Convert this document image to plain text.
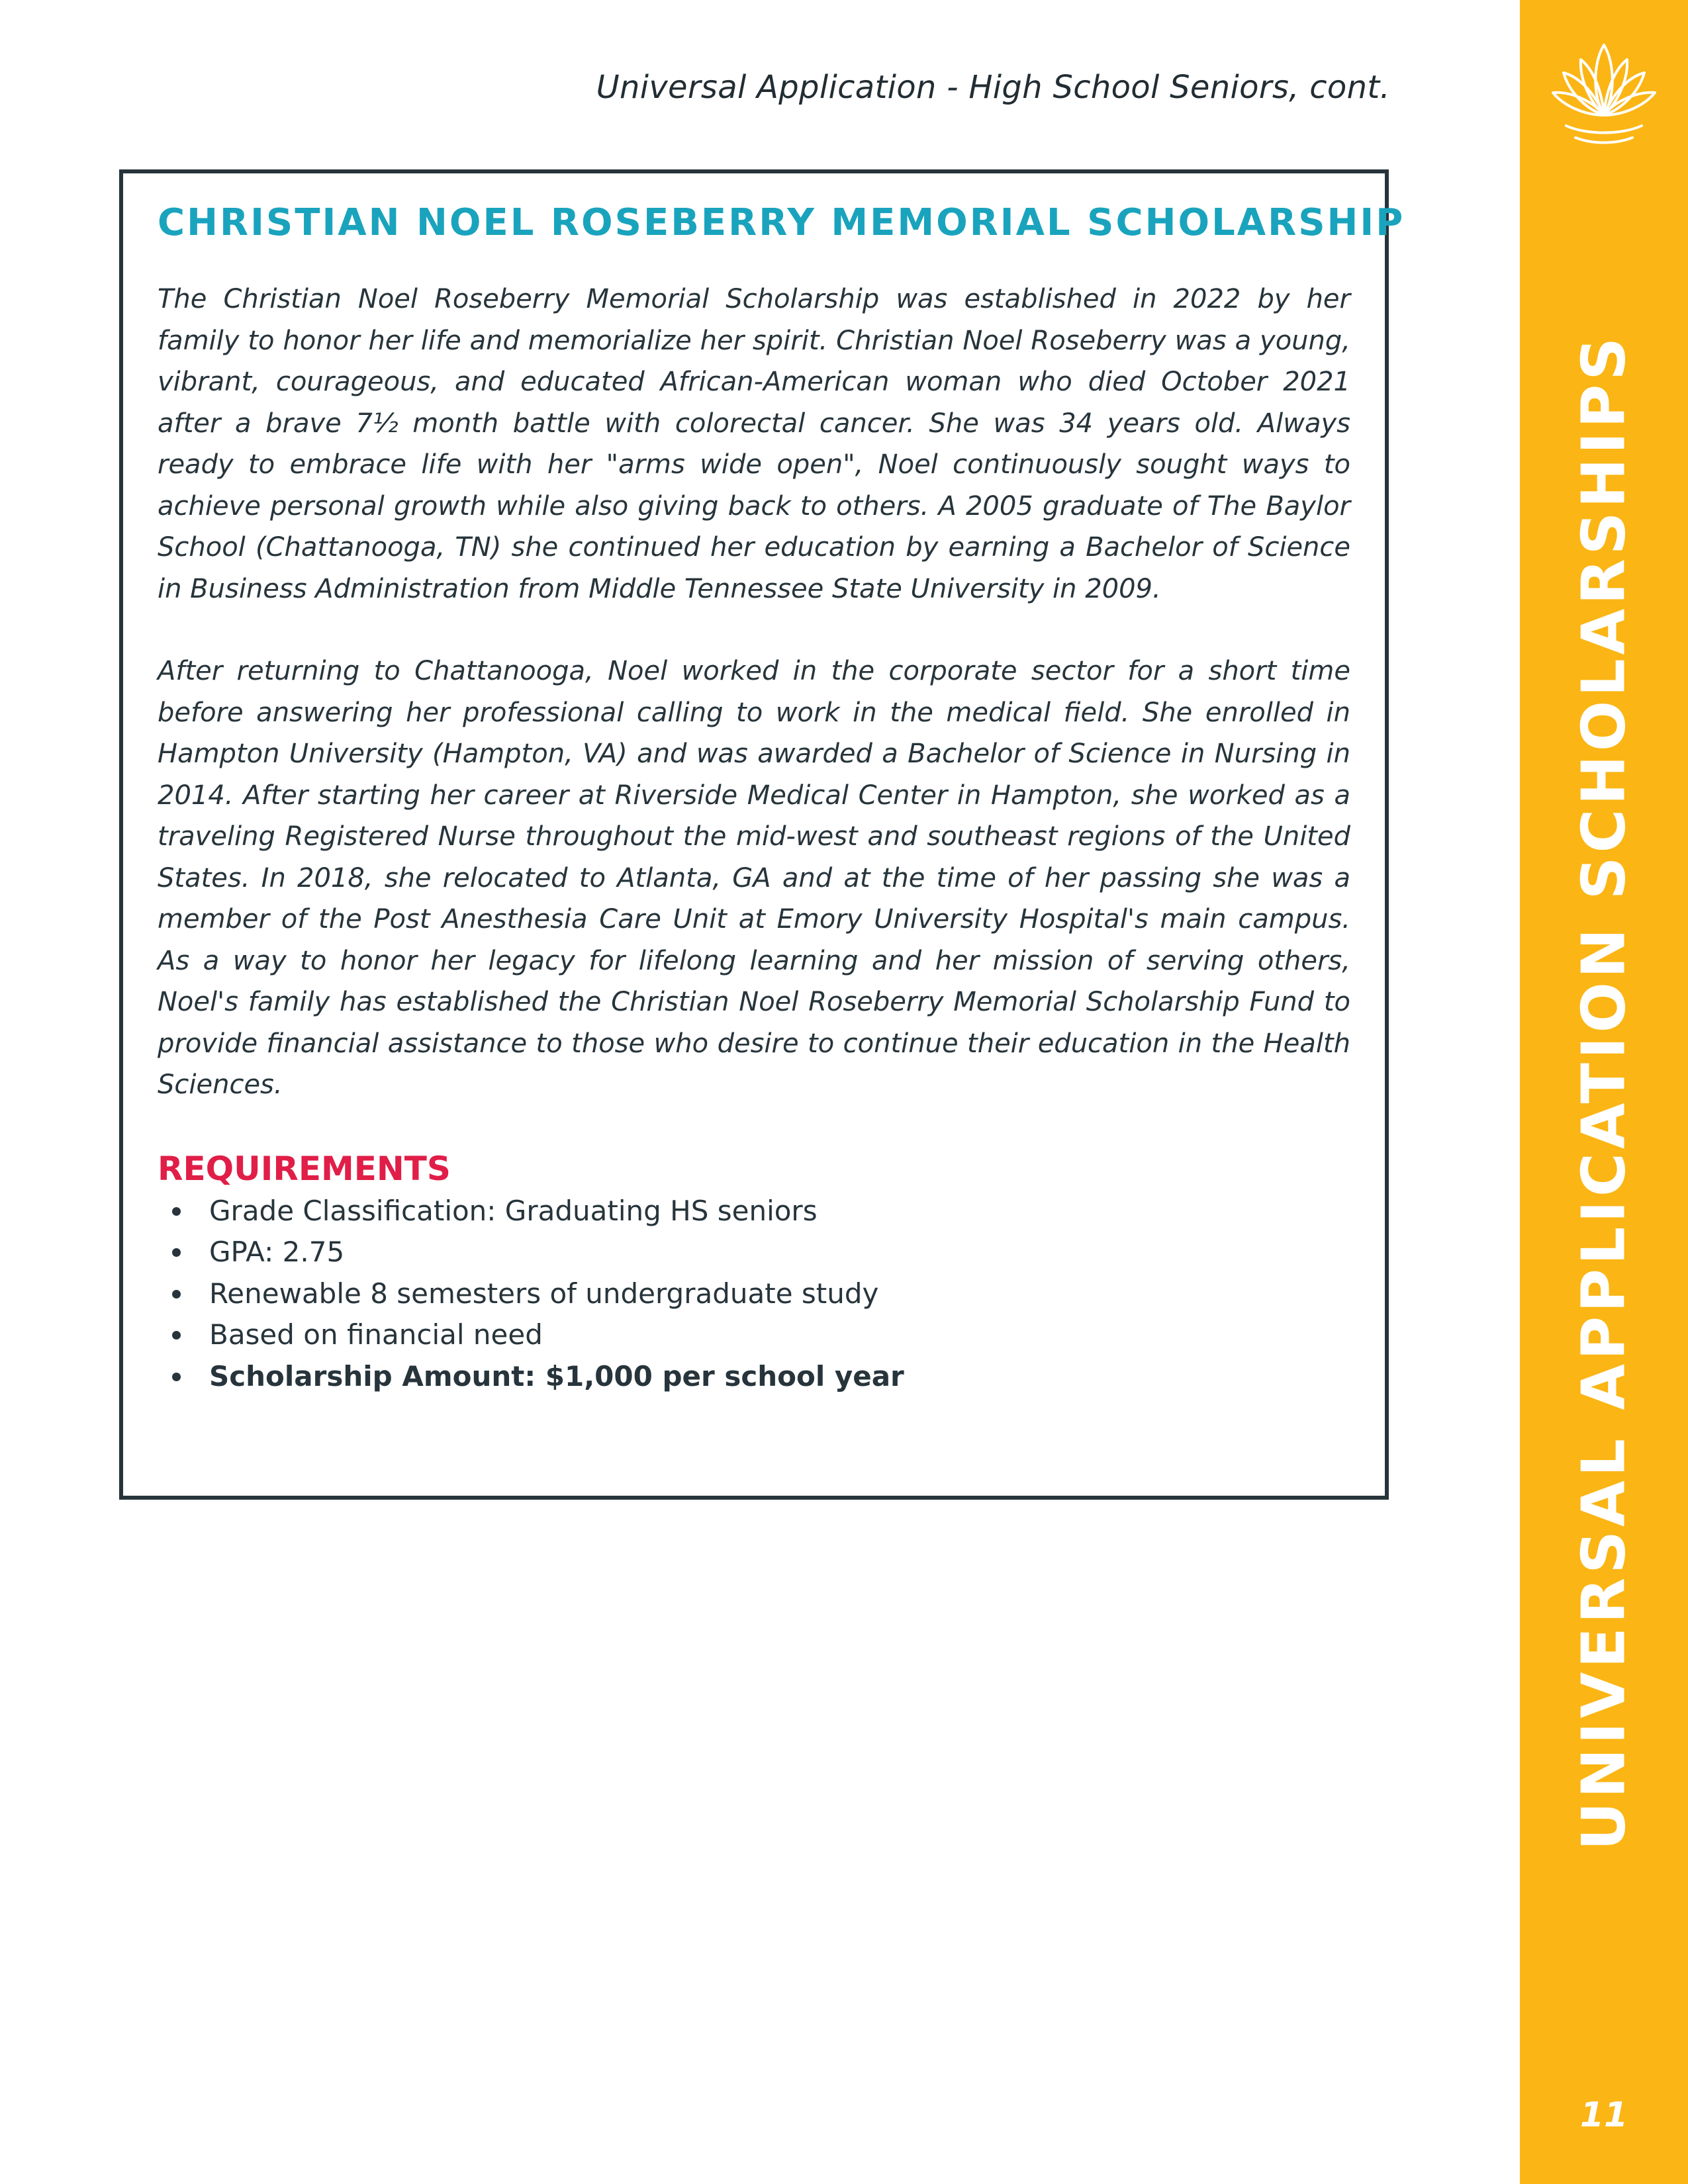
Universal Application - High School Seniors, cont.
CHRISTIAN NOEL ROSEBERRY MEMORIAL SCHOLARSHIP

The Christian Noel Roseberry Memorial Scholarship was established in 2022 by her family to honor her life and memorialize her spirit. Christian Noel Roseberry was a young, vibrant, courageous, and educated African-American woman who died October 2021 after a brave 7½ month battle with colorectal cancer. She was 34 years old. Always ready to embrace life with her "arms wide open", Noel continuously sought ways to achieve personal growth while also giving back to others. A 2005 graduate of The Baylor School (Chattanooga, TN) she continued her education by earning a Bachelor of Science in Business Administration from Middle Tennessee State University in 2009.

After returning to Chattanooga, Noel worked in the corporate sector for a short time before answering her professional calling to work in the medical field. She enrolled in Hampton University (Hampton, VA) and was awarded a Bachelor of Science in Nursing in 2014. After starting her career at Riverside Medical Center in Hampton, she worked as a traveling Registered Nurse throughout the mid-west and southeast regions of the United States. In 2018, she relocated to Atlanta, GA and at the time of her passing she was a member of the Post Anesthesia Care Unit at Emory University Hospital's main campus. As a way to honor her legacy for lifelong learning and her mission of serving others, Noel's family has established the Christian Noel Roseberry Memorial Scholarship Fund to provide financial assistance to those who desire to continue their education in the Health Sciences.

REQUIREMENTS
Grade Classification: Graduating HS seniors
GPA: 2.75
Renewable 8 semesters of undergraduate study
Based on financial need
Scholarship Amount: $1,000 per school year	UNIVERSAL APPLICATION SCHOLARSHIPS
11
